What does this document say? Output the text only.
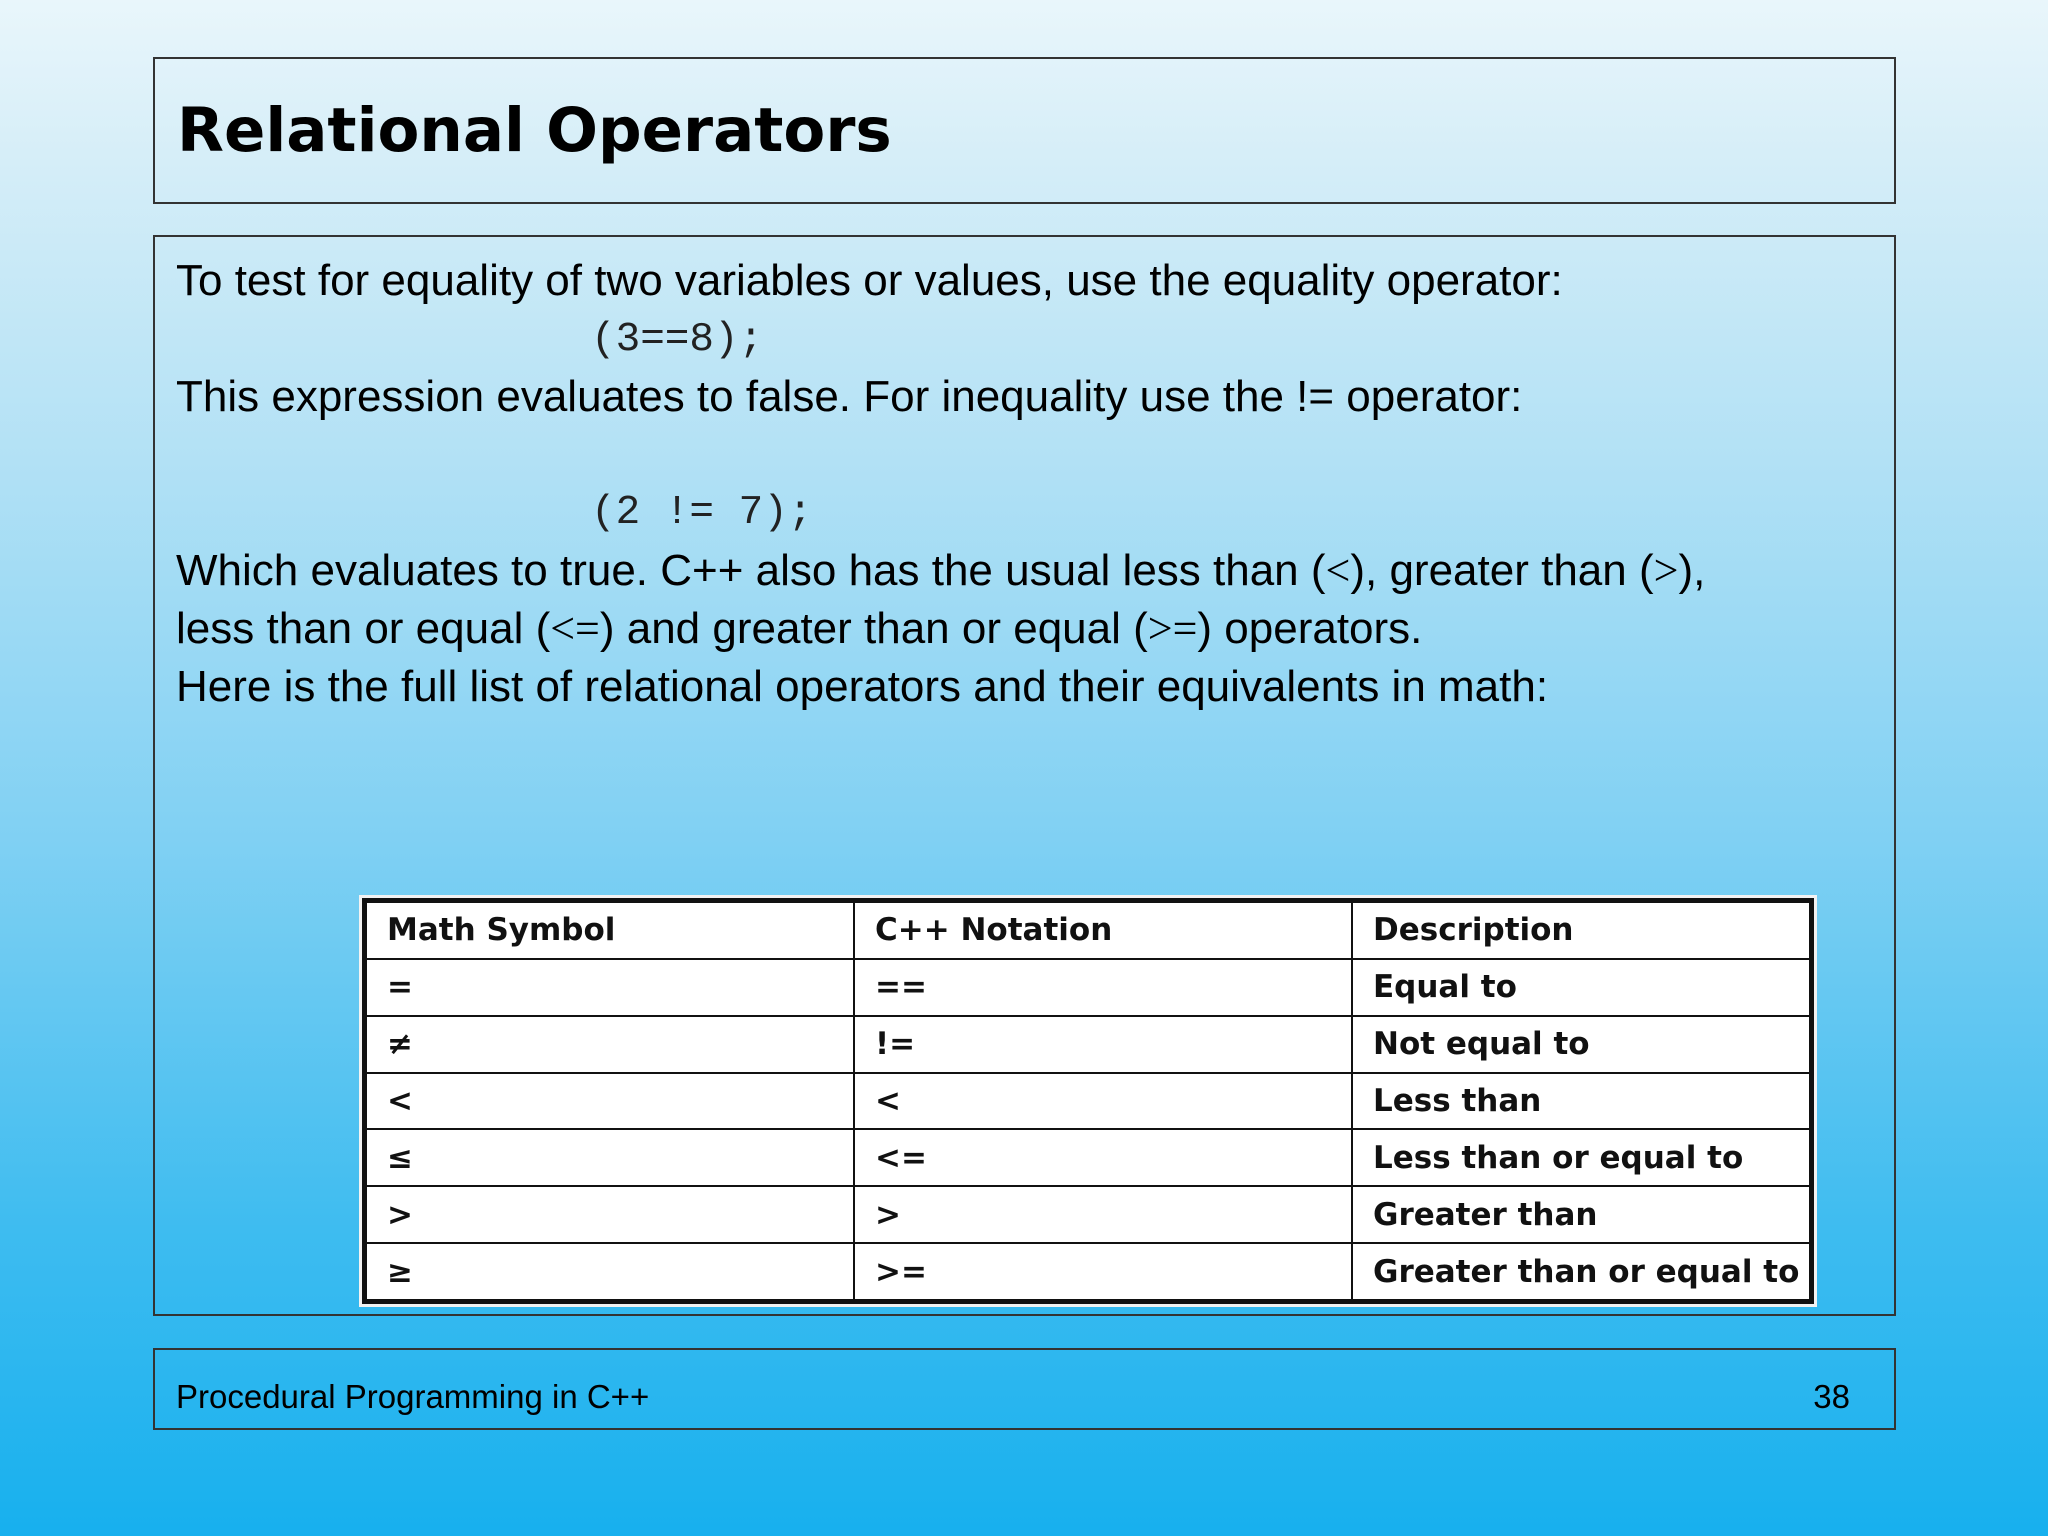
Relational Operators

To test for equality of two variables or values, use the equality operator:

(3==8);

This expression evaluates to false. For inequality use the != operator:

(2 != 7);

Which evaluates to true. C++ also has the usual less than (<), greater than (>),

less than or equal (<=) and greater than or equal (>=) operators.

Here is the full list of relational operators and their equivalents in math:

Math Symbol	C++ Notation	Description
=	==	Equal to
≠	!=	Not equal to
<	<	Less than
≤	<=	Less than or equal to
>	>	Greater than
≥	>=	Greater than or equal to
Procedural Programming in C++	38
